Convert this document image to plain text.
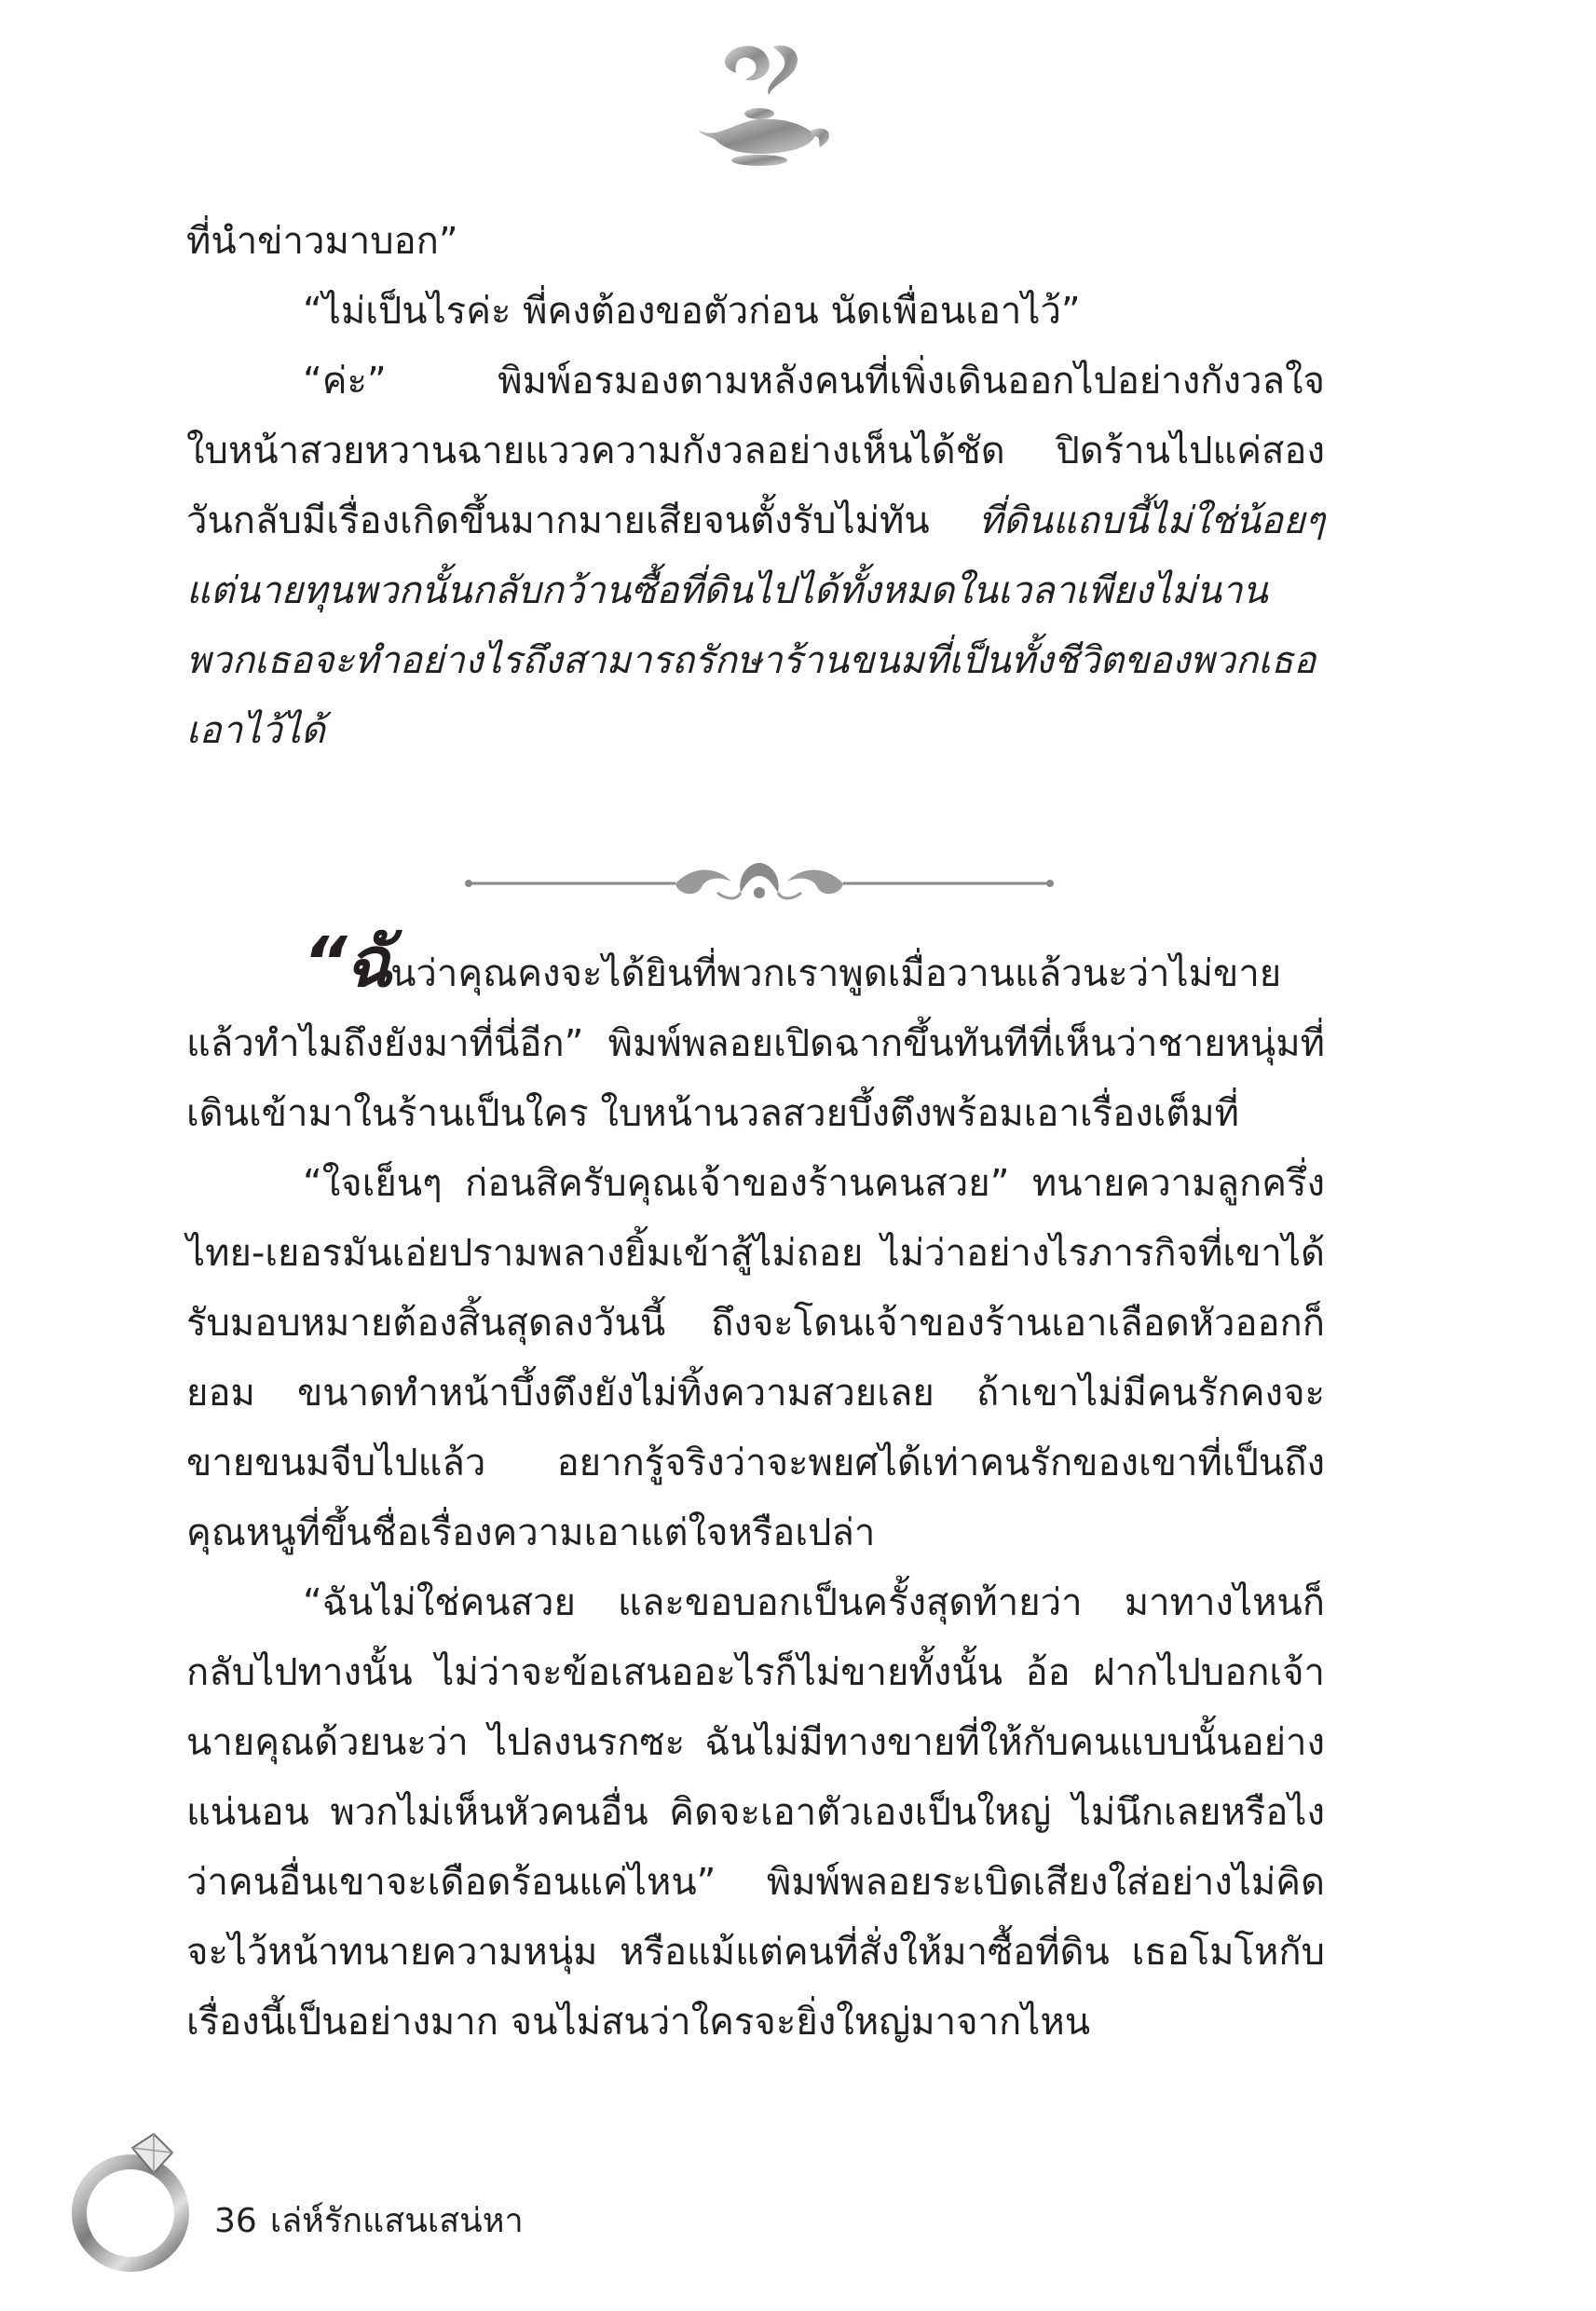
ที่นำข่าวมาบอก”

“ไม่เป็นไรค่ะ พี่คงต้องขอตัวก่อน นัดเพื่อนเอาไว้”

“ค่ะ” พิมพ์อรมองตามหลังคนที่เพิ่งเดินออกไปอย่างกังวลใจ ใบหน้าสวยหวานฉายแววความกังวลอย่างเห็นได้ชัด ปิดร้านไปแค่สองวันกลับมีเรื่องเกิดขึ้นมากมายเสียจนตั้งรับไม่ทัน ที่ดินแถบนี้ไม่ใช่น้อยๆ แต่นายทุนพวกนั้นกลับกว้านซื้อที่ดินไปได้ทั้งหมดในเวลาเพียงไม่นาน พวกเธอจะทำอย่างไรถึงสามารถรักษาร้านขนมที่เป็นทั้งชีวิตของพวกเธอเอาไว้ได้

“ฉันว่าคุณคงจะได้ยินที่พวกเราพูดเมื่อวานแล้วนะว่าไม่ขาย แล้วทำไมถึงยังมาที่นี่อีก” พิมพ์พลอยเปิดฉากขึ้นทันทีที่เห็นว่าชายหนุ่มที่เดินเข้ามาในร้านเป็นใคร ใบหน้านวลสวยบึ้งตึงพร้อมเอาเรื่องเต็มที่

“ใจเย็นๆ ก่อนสิครับคุณเจ้าของร้านคนสวย” ทนายความลูกครึ่งไทย-เยอรมันเอ่ยปรามพลางยิ้มเข้าสู้ไม่ถอย ไม่ว่าอย่างไรภารกิจที่เขาได้รับมอบหมายต้องสิ้นสุดลงวันนี้ ถึงจะโดนเจ้าของร้านเอาเลือดหัวออกก็ยอม ขนาดทำหน้าบึ้งตึงยังไม่ทิ้งความสวยเลย ถ้าเขาไม่มีคนรักคงจะขายขนมจีบไปแล้ว อยากรู้จริงว่าจะพยศได้เท่าคนรักของเขาที่เป็นถึงคุณหนูที่ขึ้นชื่อเรื่องความเอาแต่ใจหรือเปล่า

“ฉันไม่ใช่คนสวย และขอบอกเป็นครั้งสุดท้ายว่า มาทางไหนก็กลับไปทางนั้น ไม่ว่าจะข้อเสนออะไรก็ไม่ขายทั้งนั้น อ้อ ฝากไปบอกเจ้านายคุณด้วยนะว่า ไปลงนรกซะ ฉันไม่มีทางขายที่ให้กับคนแบบนั้นอย่างแน่นอน พวกไม่เห็นหัวคนอื่น คิดจะเอาตัวเองเป็นใหญ่ ไม่นึกเลยหรือไงว่าคนอื่นเขาจะเดือดร้อนแค่ไหน” พิมพ์พลอยระเบิดเสียงใส่อย่างไม่คิดจะไว้หน้าทนายความหนุ่ม หรือแม้แต่คนที่สั่งให้มาซื้อที่ดิน เธอโมโหกับเรื่องนี้เป็นอย่างมาก จนไม่สนว่าใครจะยิ่งใหญ่มาจากไหน

36 เล่ห์รักแสนเสน่หา
